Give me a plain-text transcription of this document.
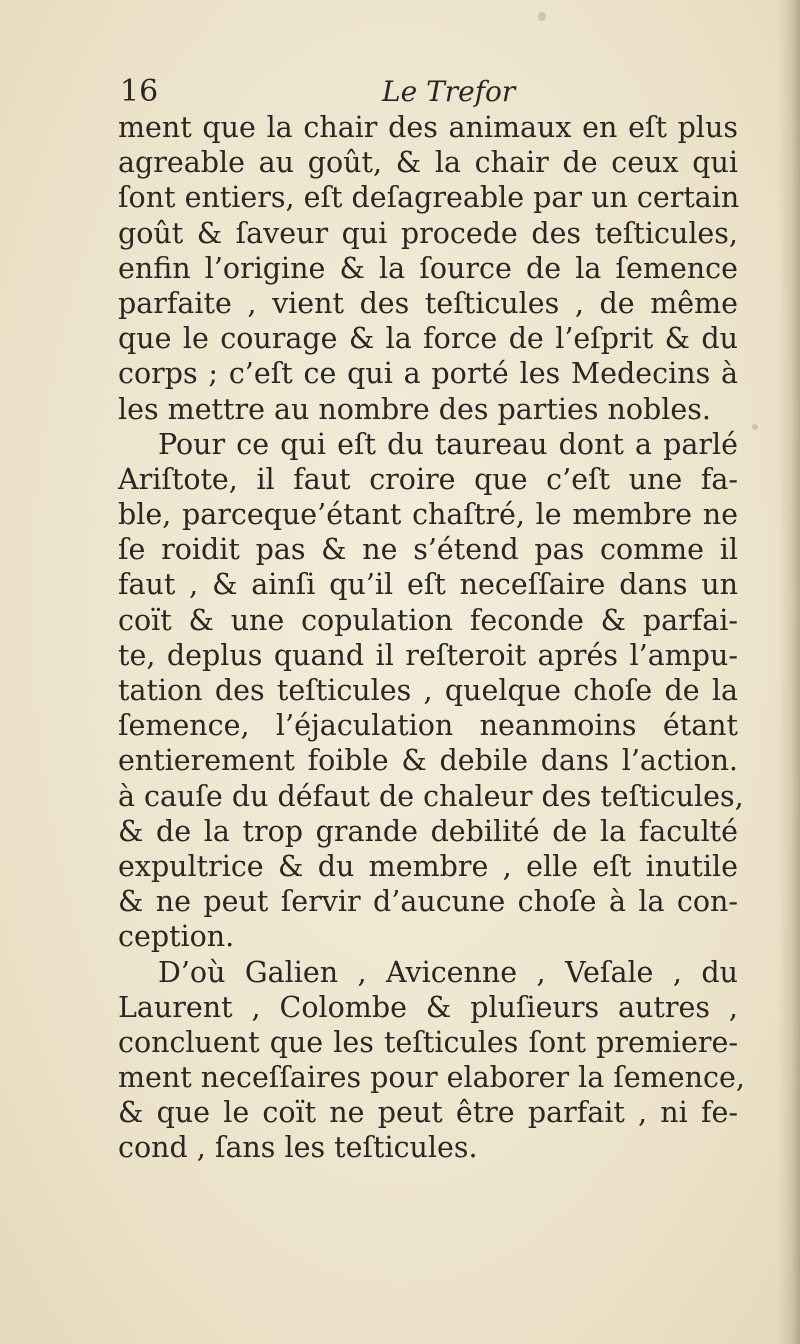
16	Le Trefor
ment que la chair des animaux en eſt plus
agreable au goût, & la chair de ceux qui
ſont entiers, eſt deſagreable par un certain
goût & ſaveur qui procede des teſticules,
enfin l’origine & la ſource de la ſemence
parfaite , vient des teſticules , de même
que le courage & la force de l’eſprit & du
corps ; c’eſt ce qui a porté les Medecins à
les mettre au nombre des parties nobles.
Pour ce qui eſt du taureau dont a parlé
Ariſtote, il faut croire que c’eſt une fa-
ble, parceque’étant chaſtré, le membre ne
ſe roidit pas & ne s’étend pas comme il
faut , & ainſi qu’il eſt neceſſaire dans un
coït & une copulation feconde & parfai-
te, deplus quand il reſteroit aprés l’ampu-
tation des teſticules , quelque choſe de la
ſemence, l’éjaculation neanmoins étant
entierement foible & debile dans l’action.
à cauſe du défaut de chaleur des teſticules,
& de la trop grande debilité de la faculté
expultrice & du membre , elle eſt inutile
& ne peut ſervir d’aucune choſe à la con-
ception.
D’où Galien , Avicenne , Veſale , du
Laurent , Colombe & pluſieurs autres ,
concluent que les teſticules ſont premiere-
ment neceſſaires pour elaborer la ſemence,
& que le coït ne peut être parfait , ni fe-
cond , ſans les teſticules.
